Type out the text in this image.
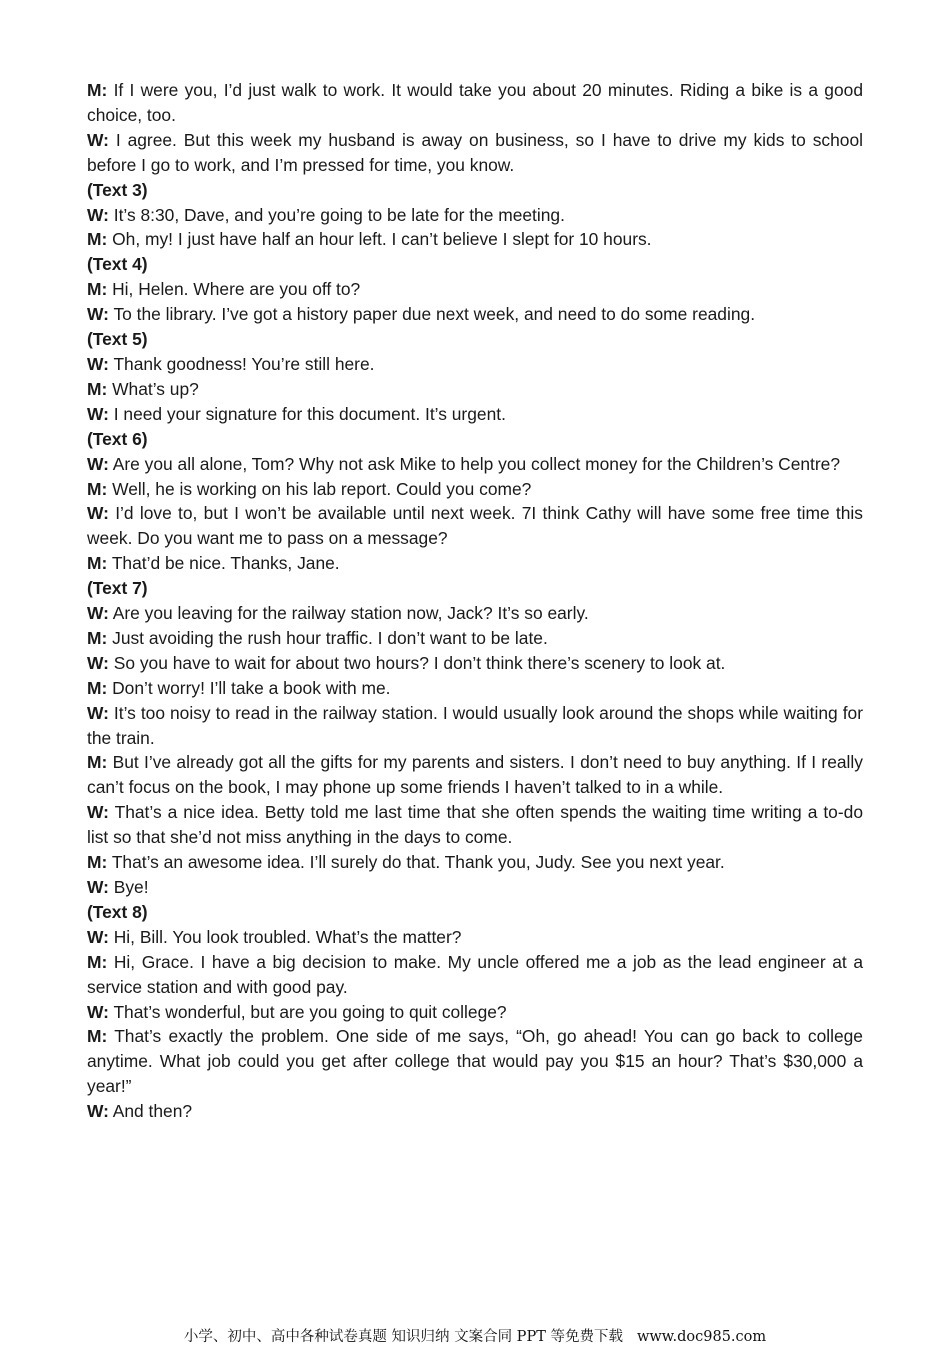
M: If I were you, I’d just walk to work. It would take you about 20 minutes. Riding a bike is a good choice, too.

W: I agree. But this week my husband is away on business, so I have to drive my kids to school before I go to work, and I’m pressed for time, you know.

(Text 3)

W: It’s 8:30, Dave, and you’re going to be late for the meeting.

M: Oh, my! I just have half an hour left. I can’t believe I slept for 10 hours.

(Text 4)

M: Hi, Helen. Where are you off to?

W: To the library. I’ve got a history paper due next week, and need to do some reading.

(Text 5)

W: Thank goodness! You’re still here.

M: What’s up?

W: I need your signature for this document. It’s urgent.

(Text 6)

W: Are you all alone, Tom? Why not ask Mike to help you collect money for the Children’s Centre?

M: Well, he is working on his lab report. Could you come?

W: I’d love to, but I won’t be available until next week. 7I think Cathy will have some free time this week. Do you want me to pass on a message?

M: That’d be nice. Thanks, Jane.

(Text 7)

W: Are you leaving for the railway station now, Jack? It’s so early.

M: Just avoiding the rush hour traffic. I don’t want to be late.

W: So you have to wait for about two hours? I don’t think there’s scenery to look at.

M: Don’t worry! I’ll take a book with me.

W: It’s too noisy to read in the railway station. I would usually look around the shops while waiting for the train.

M: But I’ve already got all the gifts for my parents and sisters. I don’t need to buy anything. If I really can’t focus on the book, I may phone up some friends I haven’t talked to in a while.

W: That’s a nice idea. Betty told me last time that she often spends the waiting time writing a to-do list so that she’d not miss anything in the days to come.

M: That’s an awesome idea. I’ll surely do that. Thank you, Judy. See you next year.

W: Bye!

(Text 8)

W: Hi, Bill. You look troubled. What’s the matter?

M: Hi, Grace. I have a big decision to make. My uncle offered me a job as the lead engineer at a service station and with good pay.

W: That’s wonderful, but are you going to quit college?

M: That’s exactly the problem. One side of me says, “Oh, go ahead! You can go back to college anytime. What job could you get after college that would pay you $15 an hour? That’s $30,000 a year!”

W: And then?

小学、初中、高中各种试卷真题 知识归纳 文案合同 PPT 等免费下载 www.doc985.com
